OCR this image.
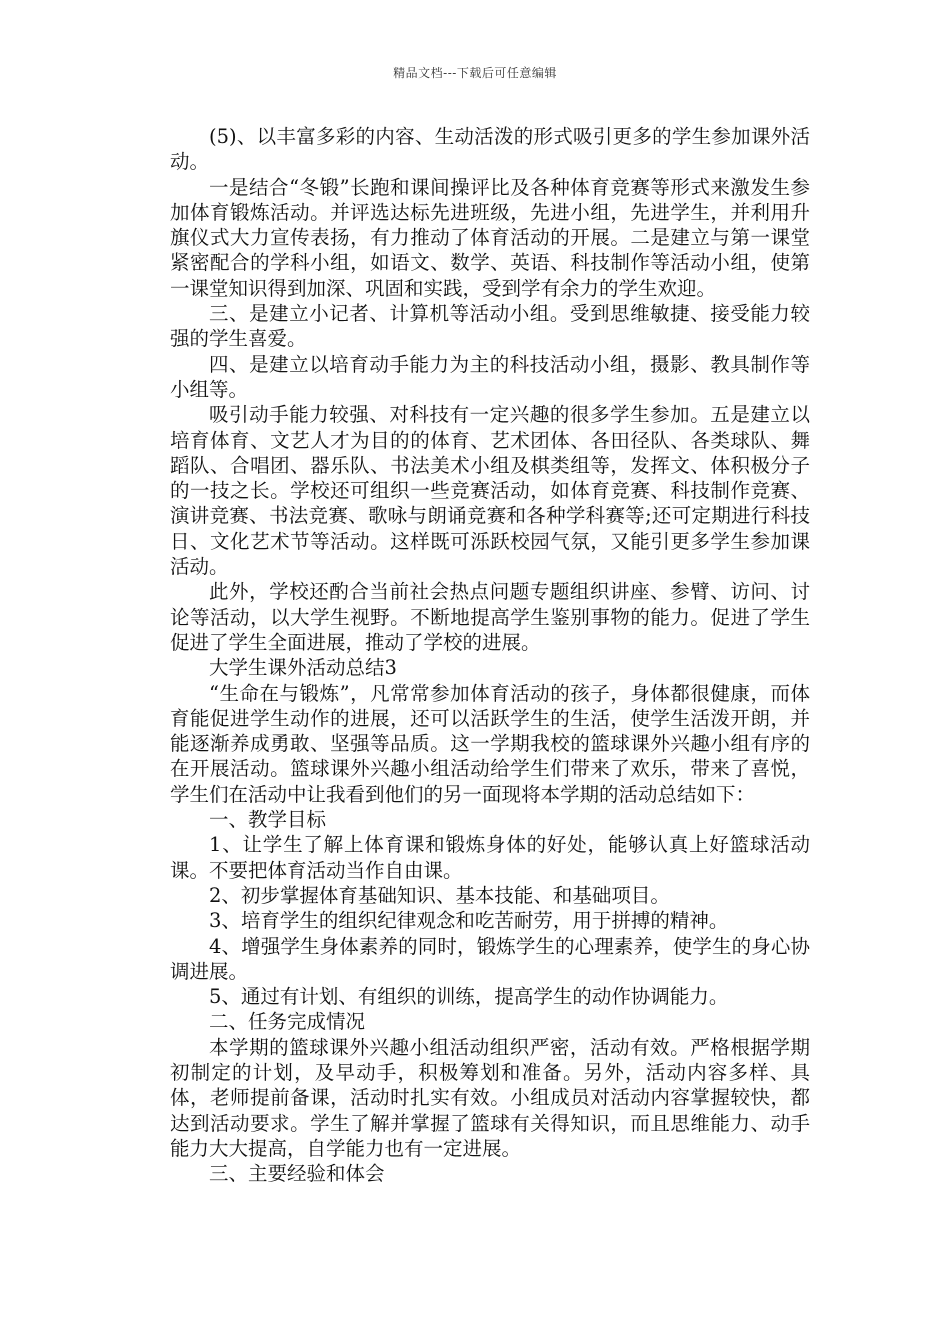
精品文档---下载后可任意编辑

(5)、以丰富多彩的内容、生动活泼的形式吸引更多的学生参加课外活动。

一是结合“冬锻”长跑和课间操评比及各种体育竞赛等形式来激发生参加体育锻炼活动。并评选达标先进班级，先进小组，先进学生，并利用升旗仪式大力宣传表扬，有力推动了体育活动的开展。二是建立与第一课堂紧密配合的学科小组，如语文、数学、英语、科技制作等活动小组，使第一课堂知识得到加深、巩固和实践，受到学有余力的学生欢迎。

三、是建立小记者、计算机等活动小组。受到思维敏捷、接受能力较强的学生喜爱。

四、是建立以培育动手能力为主的科技活动小组，摄影、教具制作等小组等。

吸引动手能力较强、对科技有一定兴趣的很多学生参加。五是建立以培育体育、文艺人才为目的的体育、艺术团体、各田径队、各类球队、舞蹈队、合唱团、器乐队、书法美术小组及棋类组等，发挥文、体积极分子的一技之长。学校还可组织一些竞赛活动，如体育竞赛、科技制作竞赛、演讲竞赛、书法竞赛、歌咏与朗诵竞赛和各种学科赛等;还可定期进行科技日、文化艺术节等活动。这样既可泺跃校园气氛，又能引更多学生参加课活动。

此外，学校还酌合当前社会热点问题专题组织讲座、参臂、访问、讨论等活动，以大学生视野。不断地提高学生鉴别事物的能力。促进了学生促进了学生全面进展，推动了学校的进展。

大学生课外活动总结3

“生命在与锻炼”，凡常常参加体育活动的孩子，身体都很健康，而体育能促进学生动作的进展，还可以活跃学生的生活，使学生活泼开朗，并能逐渐养成勇敢、坚强等品质。这一学期我校的篮球课外兴趣小组有序的在开展活动。篮球课外兴趣小组活动给学生们带来了欢乐，带来了喜悦，学生们在活动中让我看到他们的另一面现将本学期的活动总结如下：

一、教学目标

1、让学生了解上体育课和锻炼身体的好处，能够认真上好篮球活动课。不要把体育活动当作自由课。

2、初步掌握体育基础知识、基本技能、和基础项目。

3、培育学生的组织纪律观念和吃苦耐劳，用于拼搏的精神。

4、增强学生身体素养的同时，锻炼学生的心理素养，使学生的身心协调进展。

5、通过有计划、有组织的训练，提高学生的动作协调能力。

二、任务完成情况

本学期的篮球课外兴趣小组活动组织严密，活动有效。严格根据学期初制定的计划，及早动手，积极筹划和准备。另外，活动内容多样、具体，老师提前备课，活动时扎实有效。小组成员对活动内容掌握较快，都达到活动要求。学生了解并掌握了篮球有关得知识，而且思维能力、动手能力大大提高，自学能力也有一定进展。

三、主要经验和体会
